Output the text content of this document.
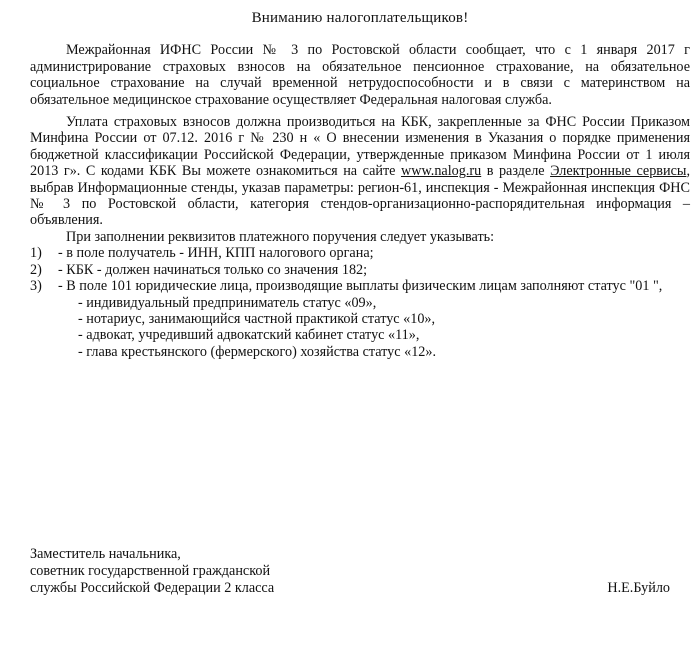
Вниманию налогоплательщиков!

Межрайонная ИФНС России № 3 по Ростовской области сообщает, что с 1 января 2017 г администрирование страховых взносов на обязательное пенсионное страхование, на обязательное социальное страхование на случай временной нетрудоспособности и в связи с материнством на обязательное медицинское страхование осуществляет Федеральная налоговая служба.

Уплата страховых взносов должна производиться на КБК, закрепленные за ФНС России Приказом Минфина России от 07.12. 2016 г № 230 н « О внесении изменения в Указания о порядке применения бюджетной классификации Российской Федерации, утвержденные приказом Минфина России от 1 июля 2013 г». С кодами КБК Вы можете ознакомиться на сайте www.nalog.ru в разделе Электронные сервисы, выбрав Информационные стенды, указав параметры: регион-61, инспекция - Межрайонная инспекция ФНС № 3 по Ростовской области, категория стендов-организационно-распорядительная информация – объявления.

При заполнении реквизитов платежного поручения следует указывать:

1)	- в поле получатель - ИНН, КПП налогового органа;
2)	- КБК - должен начинаться только со значения 182;
3)	- В поле 101 юридические лица, производящие выплаты физическим лицам заполняют статус "01 ",
- индивидуальный предприниматель статус «09»,
- нотариус, занимающийся частной практикой статус «10»,
- адвокат, учредивший адвокатский кабинет статус «11»,
- глава крестьянского (фермерского) хозяйства статус «12».
Заместитель начальника,
советник государственной гражданской
службы Российской Федерации 2 класса	Н.Е.Буйло
